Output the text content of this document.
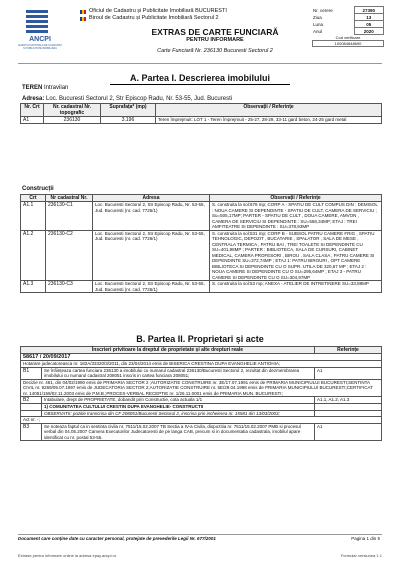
ANCPI
AGENTIA NATIONALA DE CADASTRU SI PUBLICITATE IMOBILIARA
Oficiul de Cadastru și Publicitate Imobiliară BUCURESTI
Biroul de Cadastru și Publicitate Imobiliară Sectorul 2
Nr. cerere	27390
Ziua	13
Luna	05
Anul	2020
Cod verificare
100084848690
EXTRAS DE CARTE FUNCIARĂ
PENTRU INFORMARE
Carte Funciară Nr. 236130 Bucuresti Sectorul 2
A. Partea I. Descrierea imobilului
TEREN Intravilan
Adresa: Loc. Bucuresti Sectorul 2, Str Episcop Radu, Nr. 53-55, Jud. Bucuresti
Nr. Crt	Nr. cadastral Nr. topografic	Suprafața* (mp)	Observații / Referințe
A1	236130	3.196	Teren împrejmuit: LOT 1 - Teren împrejmuit - 25-27, 28-29, 33-11 gard beton, 24-25 gard metal
Construcții
Crt	Nr cadastral Nr.	Adresa	Observații / Referințe
A1.1	236130-C1	Loc. Bucuresti Sectorul 2, Str Episcop Radu, Nr. 53-55, Jud. Bucuresti (nr. cad. 7726/1)	S. construita la sol:678 mp; CORP A - SPATIU DE CULT COMPUS DIN : DEMISOL : NOUA CAMERE SI DEPENDINTE - SPATIU DE CULT, CAMERA DE SERVICIU ; Su=505,17MP; PARTER - SPATIU DE CULT , DOUA CAMERE, AMVON , CAMERA DE SERVICIU SI DEPENDINTE : SU=558,34MP; ETAJ : TREI AMFITEATRE SI DEPENDINTE : SU=378,93MP
A1.2	236130-C2	Loc. Bucuresti Sectorul 2, Str Episcop Radu, Nr. 53-55, Jud. Bucuresti (nr. cad. 7726/1)	S. construita la sol:531 mp; CORP B - SUBSOL PATRU CAMERE FRIG , SPATIU TEHNOLOGIC, DEPOZIT , BUCATARIE , SPALATOR , SALA DE MESE , CENTRALA TERMICA , PATRU BAI , TREI TOALETE SI DEPENDINTE CU SU=401,98MP ; PARTER : BIBLIOTECA, SALA DE CURSURI, CABINET MEDICAL, CAMERA PROFESORI , BIROU , SALA CLASA , PATRU CAMERE SI DEPENDINTE SU=372,74MP ; ETAJ 1: PATRU BIROURI , OPT CAMERE BIBLIOTECA SI DEPENDINTE CU O SUPR. UTILA DE 320,67 MP ; ETAJ 2 : NOUA CAMERE SI DEPENDINTE CU O SU=295,64MP ; ETAJ 3 - PATRU CAMERE SI DEPENDINTE CU O SU=304,97MP
A1.3	236130-C3	Loc. Bucuresti Sectorul 2, Str Episcop Radu, Nr. 53-55, Jud. Bucuresti (nr. cad. 7726/1)	S. construita la sol:53 mp; ANEXA - ATELIER DE INTRETINERE SU=33,88MP
B. Partea II. Proprietari și acte
Înscrieri privitoare la dreptul de proprietate și alte drepturi reale		Referințe
58617 / 20/09/2017		
Hotarare judecatoreasca nr. 182A/33320/3/2011, din 23/04/2014 emis de BISERICA CRESTINA DUPA EVANGHELIE ANTIOHIA;		
B1	Se înființeaza cartea funciara 236130 a imobilului cu numarul cadastral 236130/Bucuresti Sectorul 2, rezultat din dezmembrarea imobilului cu numarul cadastral 208051 inscris in cartea funciara 208051;	A1
Decizie nr. 461, din 04/02/1990 emis de PRIMARIA SECTOR 2 ;AUTORIZATIE CONSTRUIRE nr. 3E/17.07.1991 emis de PRIMARIA MUNICIPIULUI BUCURESTI;SENTINTA CIVIL nr. 9269/09.07.1997 emis de JUDECATORIA SECTOR 2;AUTORIZATIE CONSTRUIRE nr. 5E/29.04.1998 emis de PRIMARIA MUNICIPIULUI BUCURESTI;CERTIFICAT nr. 14051/159/02.11.2003 emis de P.M.B.;PROCES-VERBAL RECEPTIE nr. 1/26.11.0001 emis de PRIMARIA MUN. BUCURESTI;		
B2	Intabulare, drept de PROPRIETATE, dobandit prin Constructie, cota actuala 1/1	A1.1, A1.2, A1.3
	1) COMUNITATEA CULTULUI CRESTIN DUPA EVANGHELIE- CONSTRUCTII	
	OBSERVATII: pozitie transcrisa din CF 208051/Bucuresti Sectorul 2, inscrisa prin incheierea nr. 15581 din 13/03/2003;	
Act nr. -;		
B3	Se noteaza faptul ca in sentinta civila nr. 7511/15.02.2007 TB Sectia a IV-a Civila, dispozitia nr. 7511/15.02.2007 PMB si procesul verbal din 04.05.2007 Camera Executorilor Judecatoresti de pe langa CAB, precum si in documentatia cadastrala, imobilul apare identificat cu nr. postal 53-55.	A1
Document care conține date cu caracter personal, protejate de prevederile Legii Nr. 677/2001	Pagina 1 din 5
Extrase pentru informare online la adresa epay.ancpi.ro	Formular versiunea 1.1
